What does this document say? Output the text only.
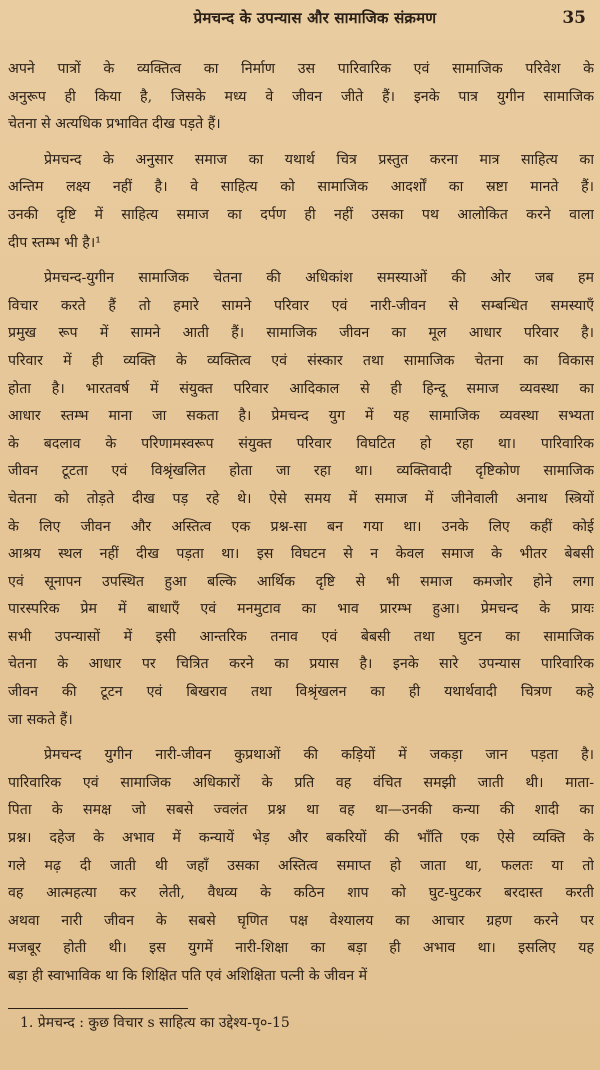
प्रेमचन्द के उपन्यास और सामाजिक संक्रमण	35
अपने पात्रों के व्यक्तित्व का निर्माण उस पारिवारिक एवं सामाजिक परिवेश के
अनुरूप ही किया है, जिसके मध्य वे जीवन जीते हैं। इनके पात्र युगीन सामाजिक
चेतना से अत्यधिक प्रभावित दीख पड़ते हैं।
प्रेमचन्द के अनुसार समाज का यथार्थ चित्र प्रस्तुत करना मात्र साहित्य का
अन्तिम लक्ष्य नहीं है। वे साहित्य को सामाजिक आदर्शों का स्रष्टा मानते हैं।
उनकी दृष्टि में साहित्य समाज का दर्पण ही नहीं उसका पथ आलोकित करने वाला
दीप स्तम्भ भी है।¹
प्रेमचन्द-युगीन सामाजिक चेतना की अधिकांश समस्याओं की ओर जब हम
विचार करते हैं तो हमारे सामने परिवार एवं नारी-जीवन से सम्बन्धित समस्याएँ
प्रमुख रूप में सामने आती हैं। सामाजिक जीवन का मूल आधार परिवार है।
परिवार में ही व्यक्ति के व्यक्तित्व एवं संस्कार तथा सामाजिक चेतना का विकास
होता है। भारतवर्ष में संयुक्त परिवार आदिकाल से ही हिन्दू समाज व्यवस्था का
आधार स्तम्भ माना जा सकता है। प्रेमचन्द युग में यह सामाजिक व्यवस्था सभ्यता
के बदलाव के परिणामस्वरूप संयुक्त परिवार विघटित हो रहा था। पारिवारिक
जीवन टूटता एवं विश्रृंखलित होता जा रहा था। व्यक्तिवादी दृष्टिकोण सामाजिक
चेतना को तोड़ते दीख पड़ रहे थे। ऐसे समय में समाज में जीनेवाली अनाथ स्त्रियों
के लिए जीवन और अस्तित्व एक प्रश्न-सा बन गया था। उनके लिए कहीं कोई
आश्रय स्थल नहीं दीख पड़ता था। इस विघटन से न केवल समाज के भीतर बेबसी
एवं सूनापन उपस्थित हुआ बल्कि आर्थिक दृष्टि से भी समाज कमजोर होने लगा
पारस्परिक प्रेम में बाधाएँ एवं मनमुटाव का भाव प्रारम्भ हुआ। प्रेमचन्द के प्रायः
सभी उपन्यासों में इसी आन्तरिक तनाव एवं बेबसी तथा घुटन का सामाजिक
चेतना के आधार पर चित्रित करने का प्रयास है। इनके सारे उपन्यास पारिवारिक
जीवन की टूटन एवं बिखराव तथा विश्रृंखलन का ही यथार्थवादी चित्रण कहे
जा सकते हैं।
प्रेमचन्द युगीन नारी-जीवन कुप्रथाओं की कड़ियों में जकड़ा जान पड़ता है।
पारिवारिक एवं सामाजिक अधिकारों के प्रति वह वंचित समझी जाती थी। माता-
पिता के समक्ष जो सबसे ज्वलंत प्रश्न था वह था—उनकी कन्या की शादी का
प्रश्न। दहेज के अभाव में कन्यायें भेड़ और बकरियों की भाँति एक ऐसे व्यक्ति के
गले मढ़ दी जाती थी जहाँ उसका अस्तित्व समाप्त हो जाता था, फलतः या तो
वह आत्महत्या कर लेती, वैधव्य के कठिन शाप को घुट-घुटकर बरदास्त करती
अथवा नारी जीवन के सबसे घृणित पक्ष वेश्यालय का आचार ग्रहण करने पर
मजबूर होती थी। इस युगमें नारी-शिक्षा का बड़ा ही अभाव था। इसलिए यह
बड़ा ही स्वाभाविक था कि शिक्षित पति एवं अशिक्षिता पत्नी के जीवन में
1. प्रेमचन्द : कुछ विचार s साहित्य का उद्देश्य-पृ०-15
